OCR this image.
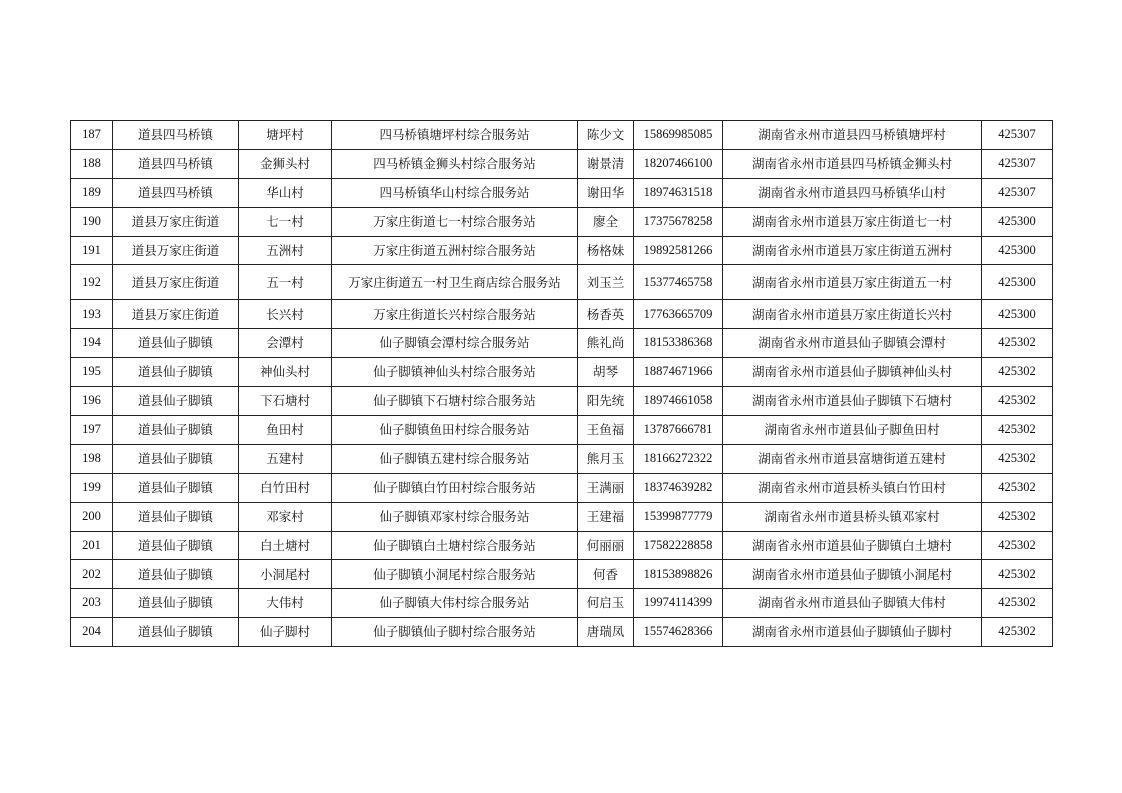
187	道县四马桥镇	塘坪村	四马桥镇塘坪村综合服务站	陈少文	15869985085	湖南省永州市道县四马桥镇塘坪村	425307
188	道县四马桥镇	金狮头村	四马桥镇金狮头村综合服务站	谢景清	18207466100	湖南省永州市道县四马桥镇金狮头村	425307
189	道县四马桥镇	华山村	四马桥镇华山村综合服务站	谢田华	18974631518	湖南省永州市道县四马桥镇华山村	425307
190	道县万家庄街道	七一村	万家庄街道七一村综合服务站	廖全	17375678258	湖南省永州市道县万家庄街道七一村	425300
191	道县万家庄街道	五洲村	万家庄街道五洲村综合服务站	杨格妹	19892581266	湖南省永州市道县万家庄街道五洲村	425300
192	道县万家庄街道	五一村	万家庄街道五一村卫生商店综合服务站	刘玉兰	15377465758	湖南省永州市道县万家庄街道五一村	425300
193	道县万家庄街道	长兴村	万家庄街道长兴村综合服务站	杨香英	17763665709	湖南省永州市道县万家庄街道长兴村	425300
194	道县仙子脚镇	会潭村	仙子脚镇会潭村综合服务站	熊礼尚	18153386368	湖南省永州市道县仙子脚镇会潭村	425302
195	道县仙子脚镇	神仙头村	仙子脚镇神仙头村综合服务站	胡琴	18874671966	湖南省永州市道县仙子脚镇神仙头村	425302
196	道县仙子脚镇	下石塘村	仙子脚镇下石塘村综合服务站	阳先统	18974661058	湖南省永州市道县仙子脚镇下石塘村	425302
197	道县仙子脚镇	鱼田村	仙子脚镇鱼田村综合服务站	王鱼福	13787666781	湖南省永州市道县仙子脚鱼田村	425302
198	道县仙子脚镇	五建村	仙子脚镇五建村综合服务站	熊月玉	18166272322	湖南省永州市道县富塘街道五建村	425302
199	道县仙子脚镇	白竹田村	仙子脚镇白竹田村综合服务站	王满丽	18374639282	湖南省永州市道县桥头镇白竹田村	425302
200	道县仙子脚镇	邓家村	仙子脚镇邓家村综合服务站	王建福	15399877779	湖南省永州市道县桥头镇邓家村	425302
201	道县仙子脚镇	白土塘村	仙子脚镇白土塘村综合服务站	何丽丽	17582228858	湖南省永州市道县仙子脚镇白土塘村	425302
202	道县仙子脚镇	小洞尾村	仙子脚镇小洞尾村综合服务站	何香	18153898826	湖南省永州市道县仙子脚镇小洞尾村	425302
203	道县仙子脚镇	大伟村	仙子脚镇大伟村综合服务站	何启玉	19974114399	湖南省永州市道县仙子脚镇大伟村	425302
204	道县仙子脚镇	仙子脚村	仙子脚镇仙子脚村综合服务站	唐瑞凤	15574628366	湖南省永州市道县仙子脚镇仙子脚村	425302
